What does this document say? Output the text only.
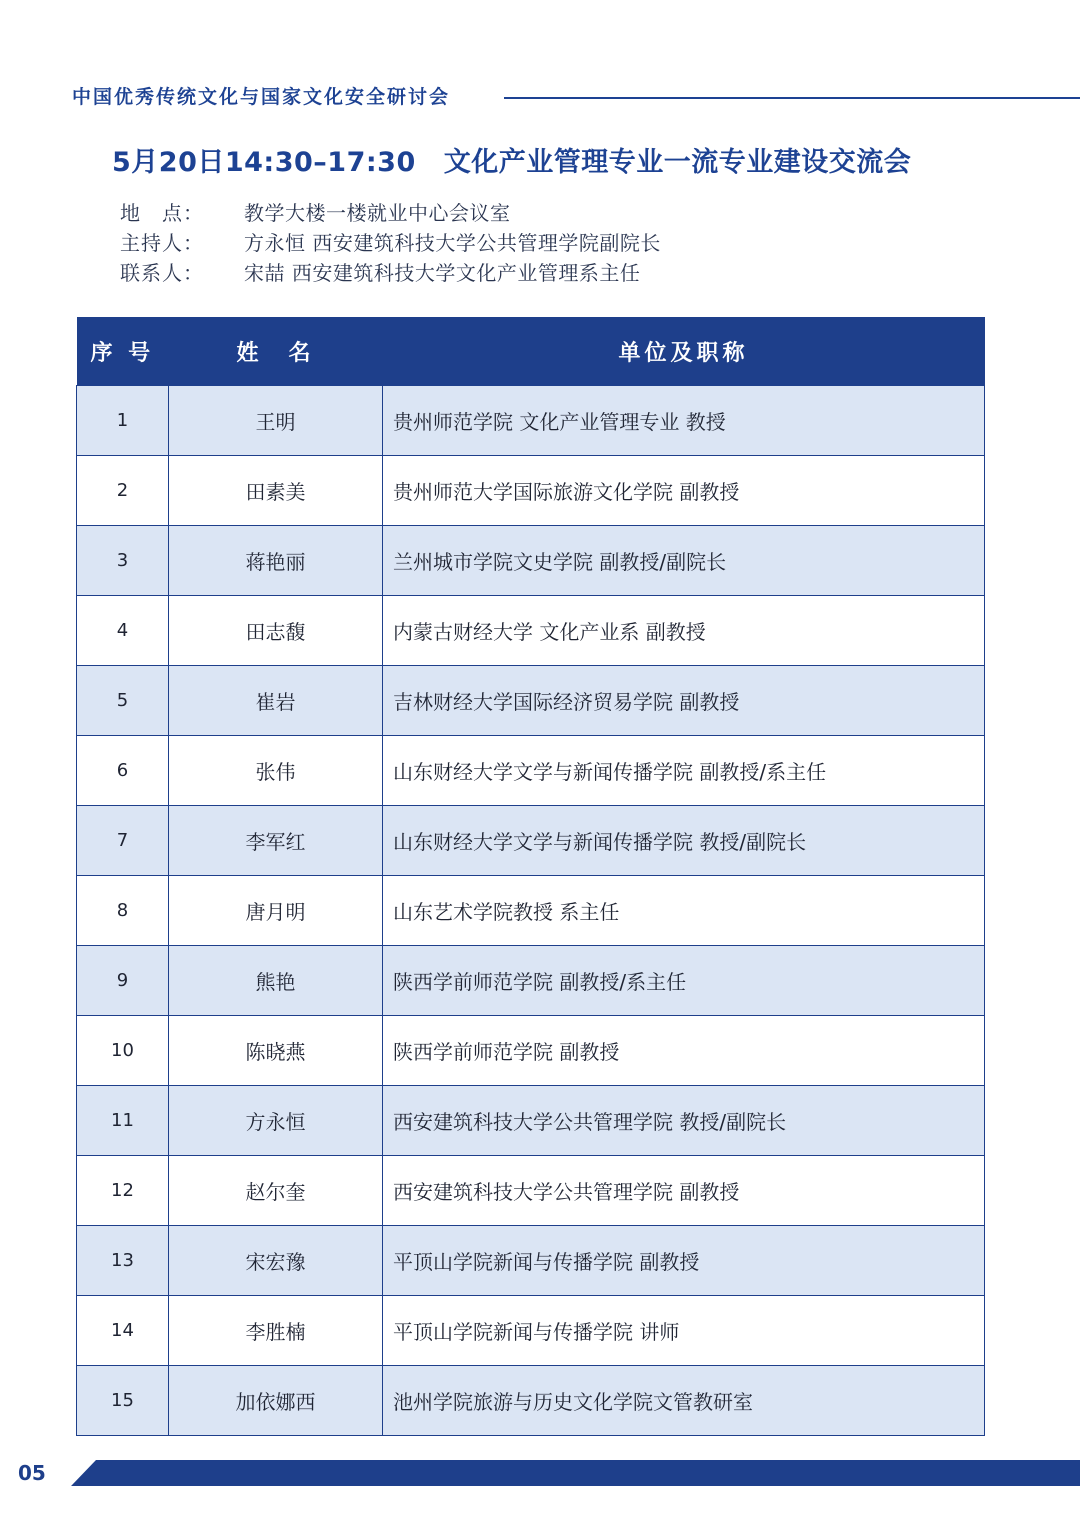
中国优秀传统文化与国家文化安全研讨会
5月20日14:30–17:30 文化产业管理专业一流专业建设交流会
地　点： 教学大楼一楼就业中心会议室
主持人： 方永恒 西安建筑科技大学公共管理学院副院长
联系人： 宋喆 西安建筑科技大学文化产业管理系主任
序 号	姓　名	单位及职称
1	王明	贵州师范学院 文化产业管理专业 教授
2	田素美	贵州师范大学国际旅游文化学院 副教授
3	蒋艳丽	兰州城市学院文史学院 副教授/副院长
4	田志馥	内蒙古财经大学 文化产业系 副教授
5	崔岩	吉林财经大学国际经济贸易学院 副教授
6	张伟	山东财经大学文学与新闻传播学院 副教授/系主任
7	李军红	山东财经大学文学与新闻传播学院 教授/副院长
8	唐月明	山东艺术学院教授 系主任
9	熊艳	陕西学前师范学院 副教授/系主任
10	陈晓燕	陕西学前师范学院 副教授
11	方永恒	西安建筑科技大学公共管理学院 教授/副院长
12	赵尔奎	西安建筑科技大学公共管理学院 副教授
13	宋宏豫	平顶山学院新闻与传播学院 副教授
14	李胜楠	平顶山学院新闻与传播学院 讲师
15	加依娜西	池州学院旅游与历史文化学院文管教研室
05
